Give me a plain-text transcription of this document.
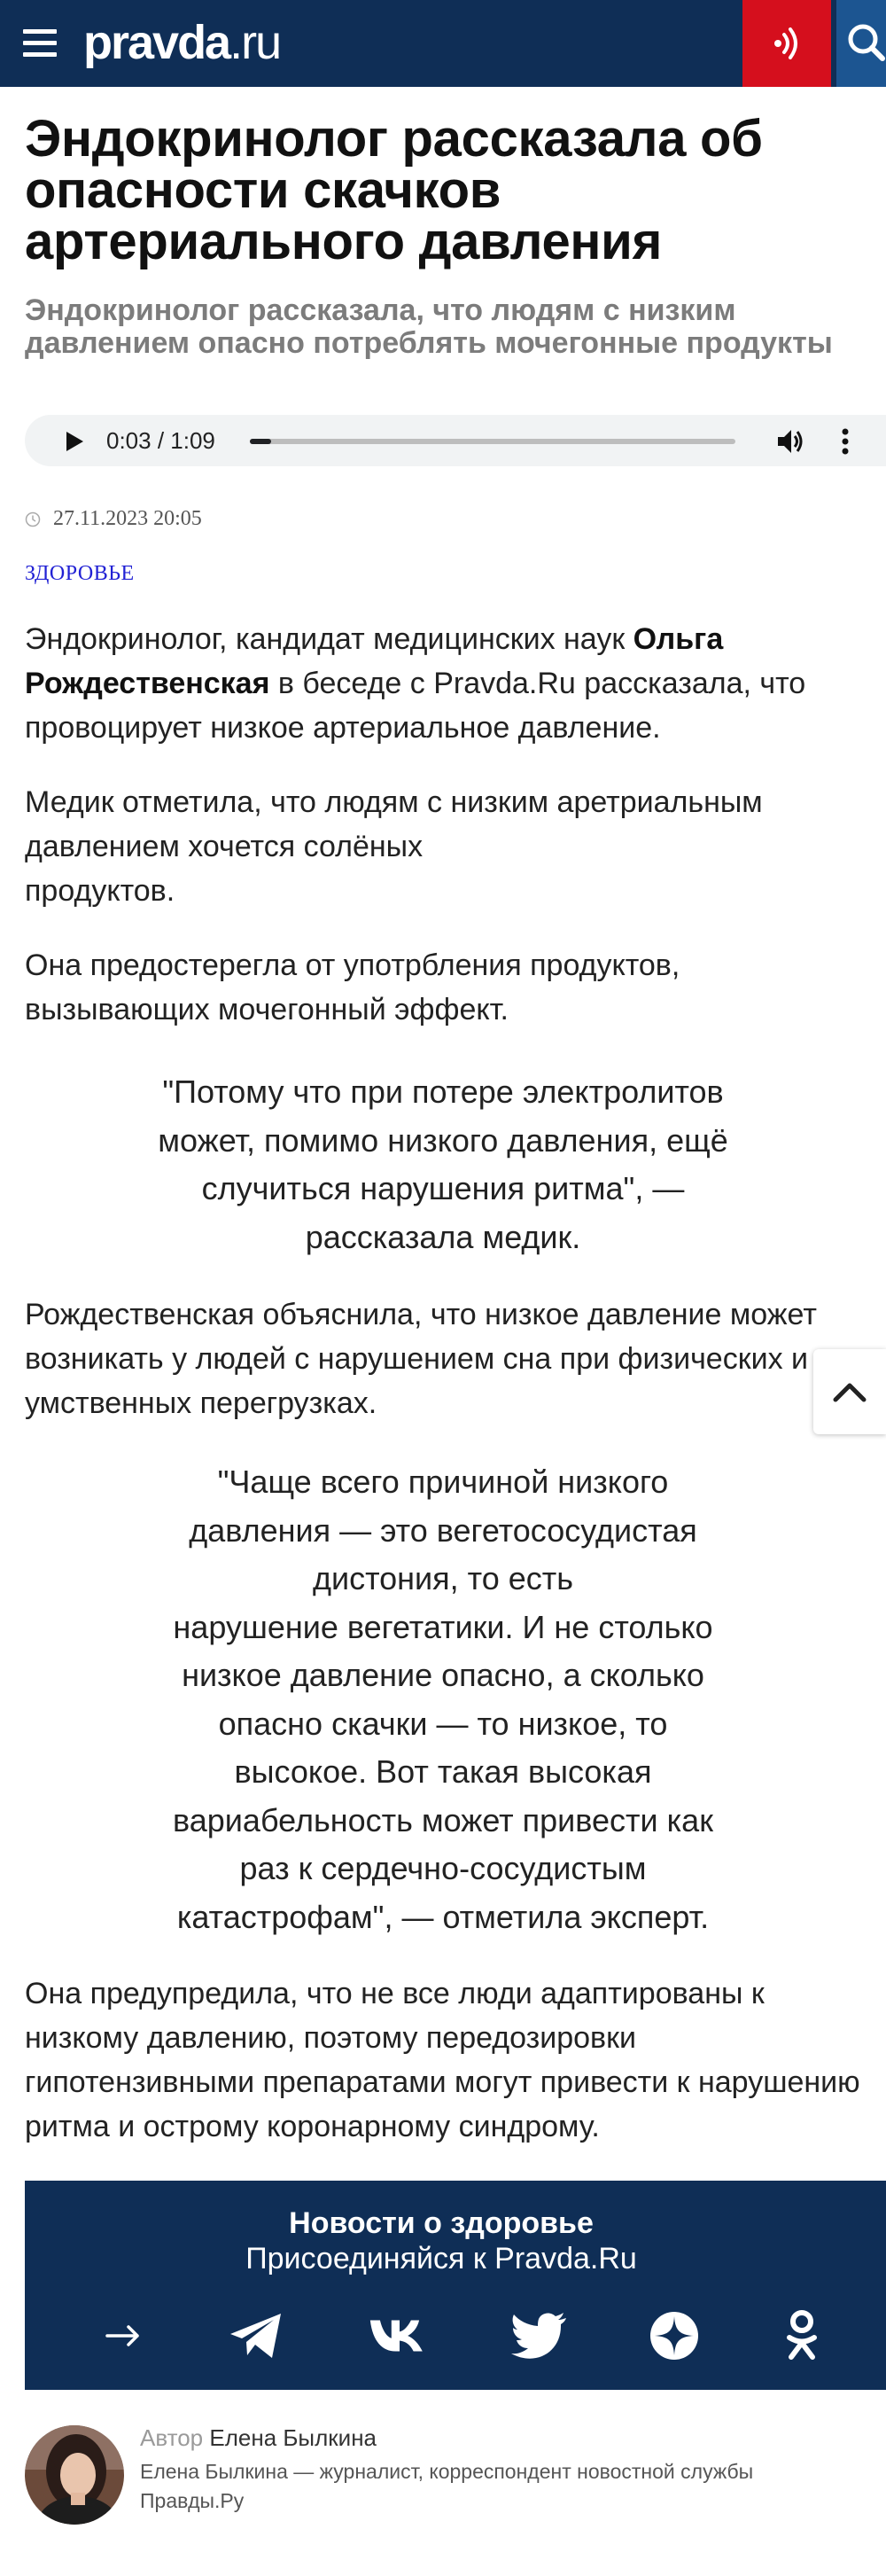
pravda.ru
Эндокринолог рассказала об опасности скачков артериального давления
Эндокринолог рассказала, что людям с низким давлением опасно потреблять мочегонные продукты
0:03 / 1:09
27.11.2023 20:05
ЗДОРОВЬЕ

Эндокринолог, кандидат медицинских наук Ольга Рождественская в беседе с Pravda.Ru рассказала, что провоцирует низкое артериальное давление.

Медик отметила, что людям с низким аретриальным давлением хочется солёных
продуктов.

Она предостерегла от употрбления продуктов, вызывающих мочегонный эффект.

"Потому что при потере электролитов может, помимо низкого давления, ещё случиться нарушения ритма", — рассказала медик.

Рождественская объяснила, что низкое давление может возникать у людей с нарушением сна при физических и умственных перегрузках.

"Чаще всего причиной низкого давления — это вегетососудистая дистония, то есть
нарушение вегетатики. И не столько низкое давление опасно, а сколько опасно скачки — то низкое, то высокое. Вот такая высокая вариабельность может привести как раз к сердечно-сосудистым катастрофам", — отметила эксперт.

Она предупредила, что не все люди адаптированы к низкому давлению, поэтому передозировки гипотензивными препаратами могут привести к нарушению ритма и острому коронарному синдрому.

Новости о здоровье
Присоединяйся к Pravda.Ru
Автор Елена Былкина
Елена Былкина — журналист, корреспондент новостной службы Правды.Ру
